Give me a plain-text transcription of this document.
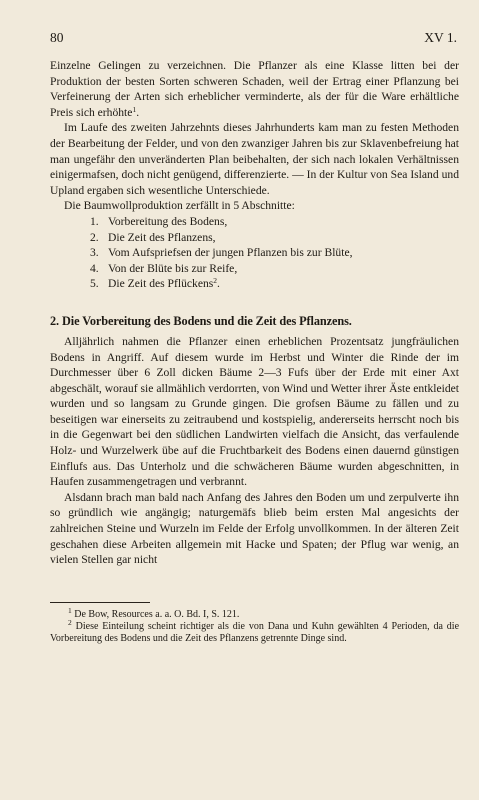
80	XV 1.

Einzelne Gelingen zu verzeichnen. Die Pflanzer als eine Klasse litten bei der Produktion der besten Sorten schweren Schaden, weil der Ertrag einer Pflanzung bei Verfeinerung der Arten sich erheblicher verminderte, als der für die Ware erhältliche Preis sich erhöhte$^1$.

Im Laufe des zweiten Jahrzehnts dieses Jahrhunderts kam man zu festen Methoden der Bearbeitung der Felder, und von den zwanziger Jahren bis zur Sklavenbefreiung hat man ungefähr den unveränderten Plan beibehalten, der sich nach lokalen Verhältnissen einigermafsen, doch nicht genügend, differenzierte. — In der Kultur von Sea Island und Upland ergaben sich wesentliche Unterschiede.

Die Baumwollproduktion zerfällt in 5 Abschnitte:

1. Vorbereitung des Bodens,
2. Die Zeit des Pflanzens,
3. Vom Aufspriefsen der jungen Pflanzen bis zur Blüte,
4. Von der Blüte bis zur Reife,
5. Die Zeit des Pflückens$^2$.
2. Die Vorbereitung des Bodens und die Zeit des Pflanzens.

Alljährlich nahmen die Pflanzer einen erheblichen Prozentsatz jungfräulichen Bodens in Angriff. Auf diesem wurde im Herbst und Winter die Rinde der im Durchmesser über 6 Zoll dicken Bäume 2—3 Fufs über der Erde mit einer Axt abgeschält, worauf sie allmählich verdorrten, von Wind und Wetter ihrer Äste entkleidet wurden und so langsam zu Grunde gingen. Die grofsen Bäume zu fällen und zu beseitigen war einerseits zu zeitraubend und kostspielig, andererseits herrscht noch bis in die Gegenwart bei den südlichen Landwirten vielfach die Ansicht, das verfaulende Holz- und Wurzelwerk übe auf die Fruchtbarkeit des Bodens einen dauernd günstigen Einflufs aus. Das Unterholz und die schwächeren Bäume wurden abgeschnitten, in Haufen zusammengetragen und verbrannt.

Alsdann brach man bald nach Anfang des Jahres den Boden um und zerpulverte ihn so gründlich wie angängig; naturgemäfs blieb beim ersten Mal angesichts der zahlreichen Steine und Wurzeln im Felde der Erfolg unvollkommen. In der älteren Zeit geschahen diese Arbeiten allgemein mit Hacke und Spaten; der Pflug war wenig, an vielen Stellen gar nicht

$^1$ De Bow, Resources a. a. O. Bd. I, S. 121.

$^2$ Diese Einteilung scheint richtiger als die von Dana und Kuhn gewählten 4 Perioden, da die Vorbereitung des Bodens und die Zeit des Pflanzens getrennte Dinge sind.
